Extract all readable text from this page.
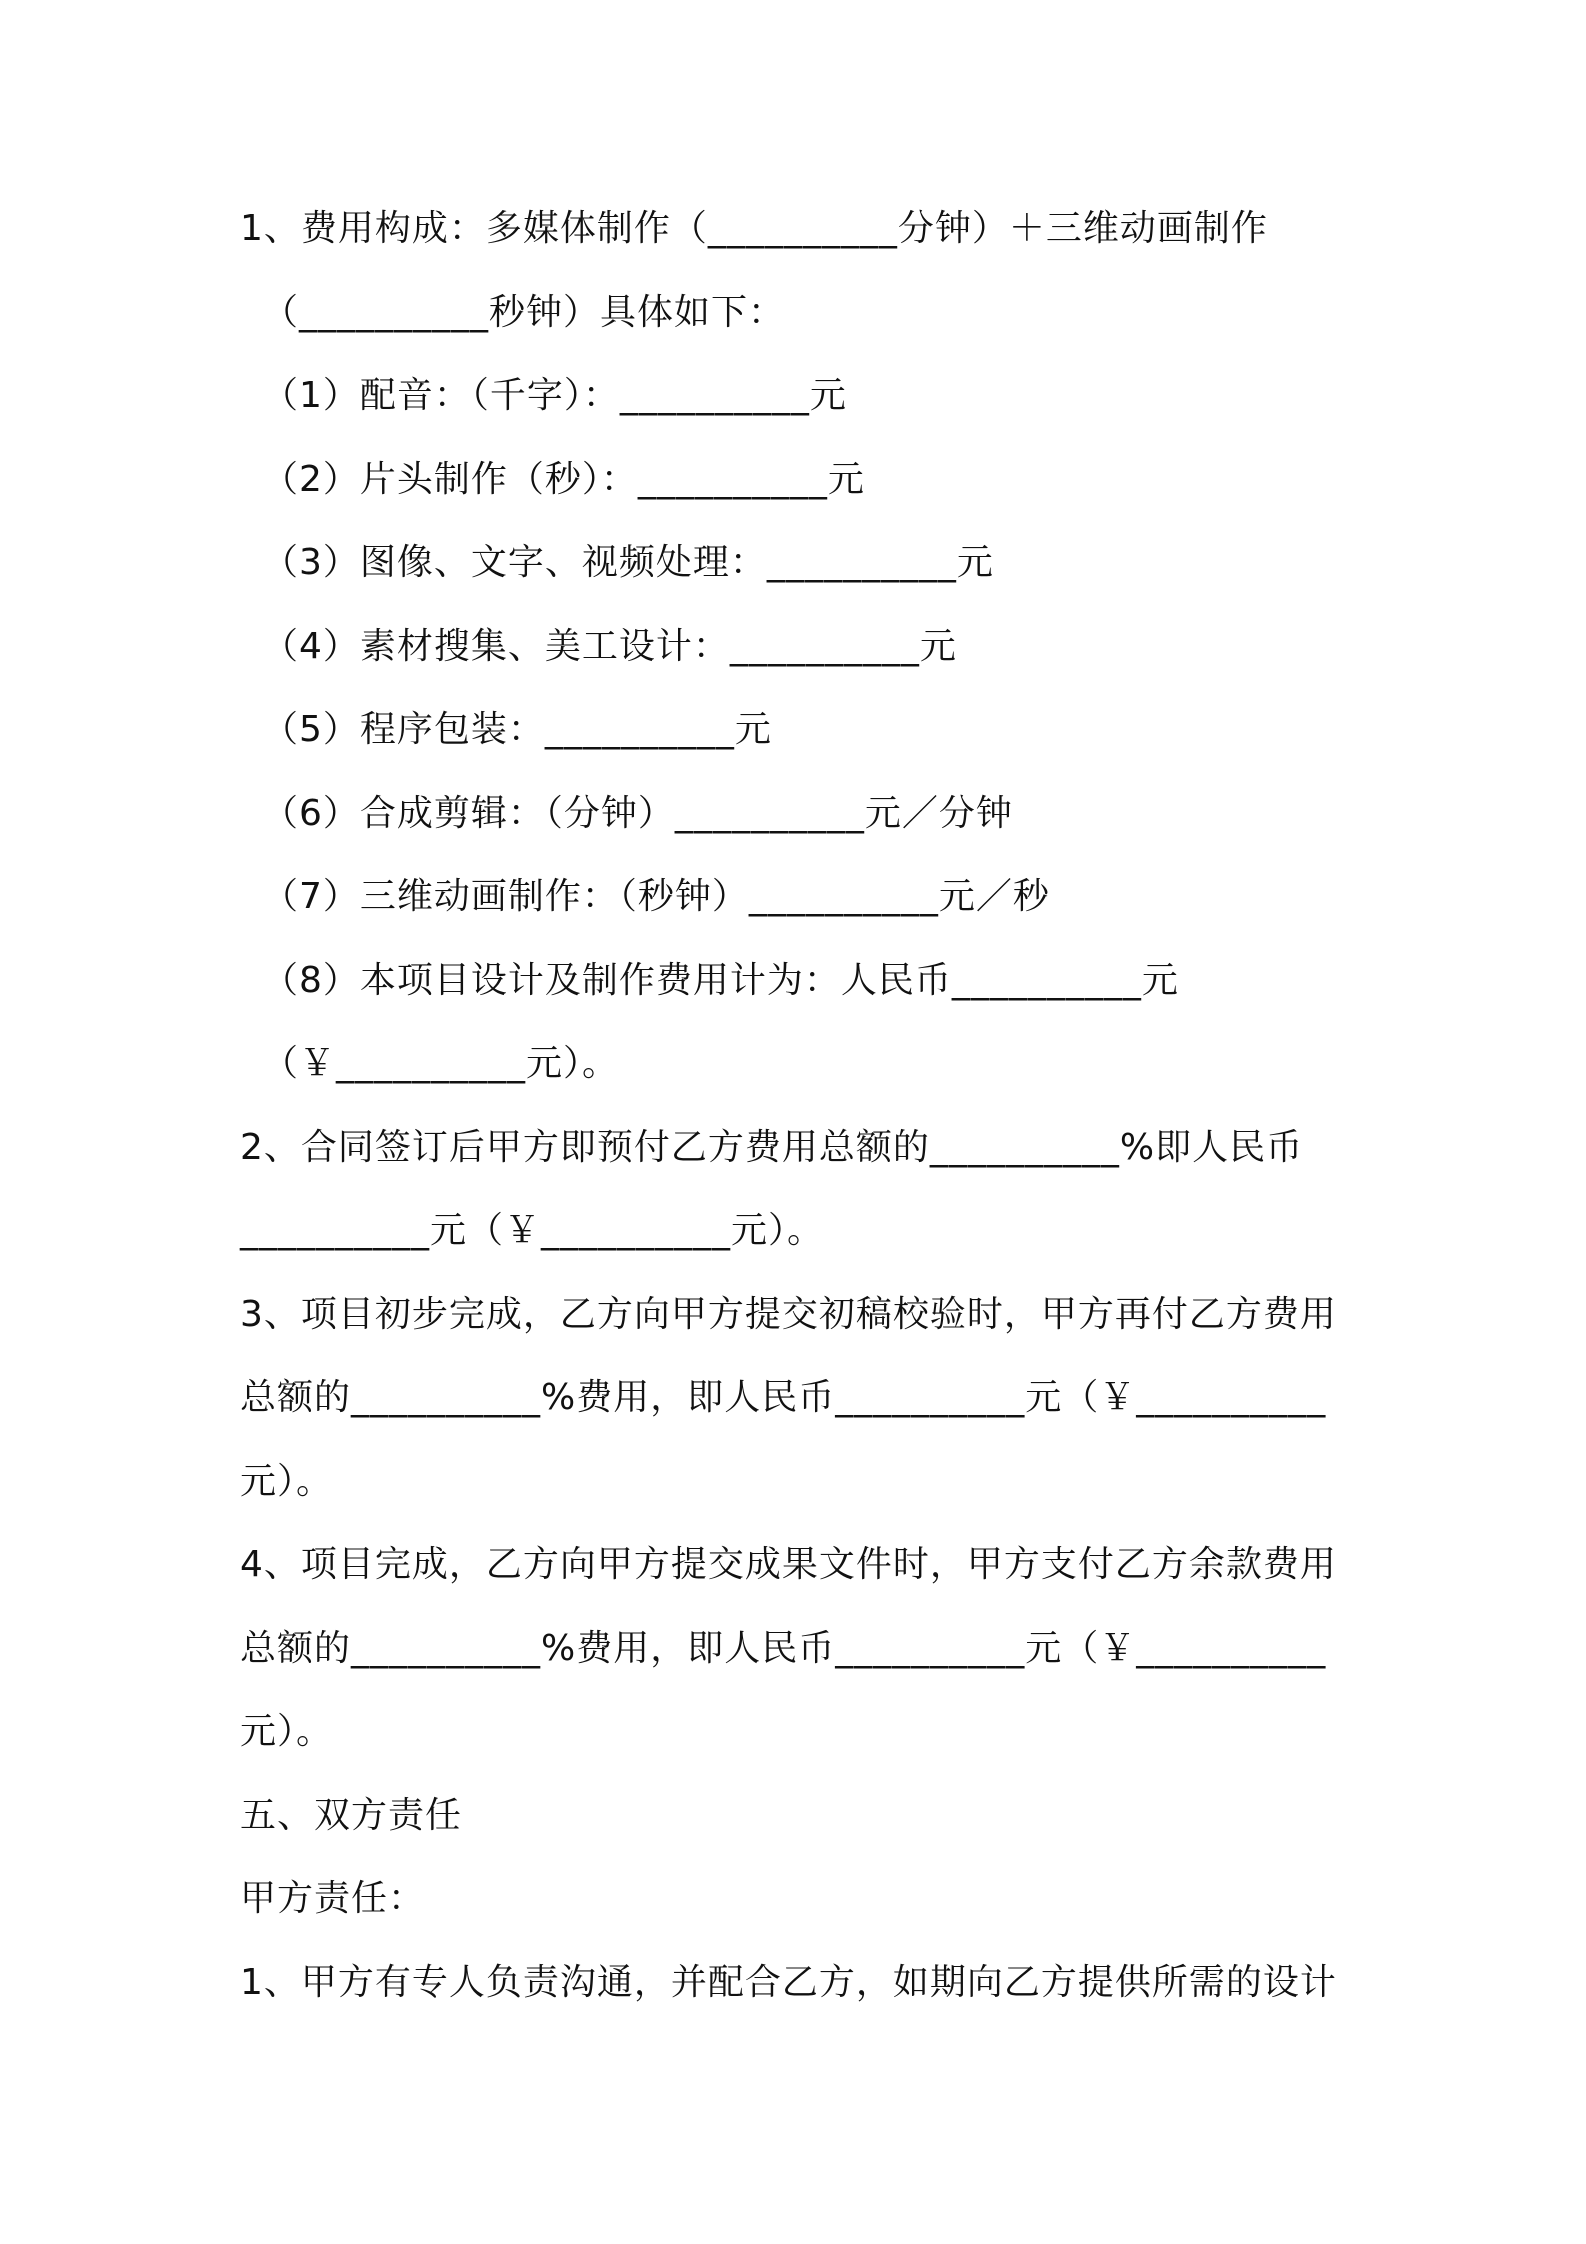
1、费用构成：多媒体制作（__________分钟）＋三维动画制作
（__________秒钟）具体如下：
（1）配音：（千字）：__________元
（2）片头制作（秒）：__________元
（3）图像、文字、视频处理：__________元
（4）素材搜集、美工设计：__________元
（5）程序包装：__________元
（6）合成剪辑：（分钟）__________元／分钟
（7）三维动画制作：（秒钟）__________元／秒
（8）本项目设计及制作费用计为：人民币__________元
（￥__________元）。
2、合同签订后甲方即预付乙方费用总额的__________%即人民币
__________元（￥__________元）。
3、项目初步完成，乙方向甲方提交初稿校验时，甲方再付乙方费用
总额的__________%费用，即人民币__________元（￥__________
元）。
4、项目完成，乙方向甲方提交成果文件时，甲方支付乙方余款费用
总额的__________%费用，即人民币__________元（￥__________
元）。
五、双方责任
甲方责任：
1、甲方有专人负责沟通，并配合乙方，如期向乙方提供所需的设计
